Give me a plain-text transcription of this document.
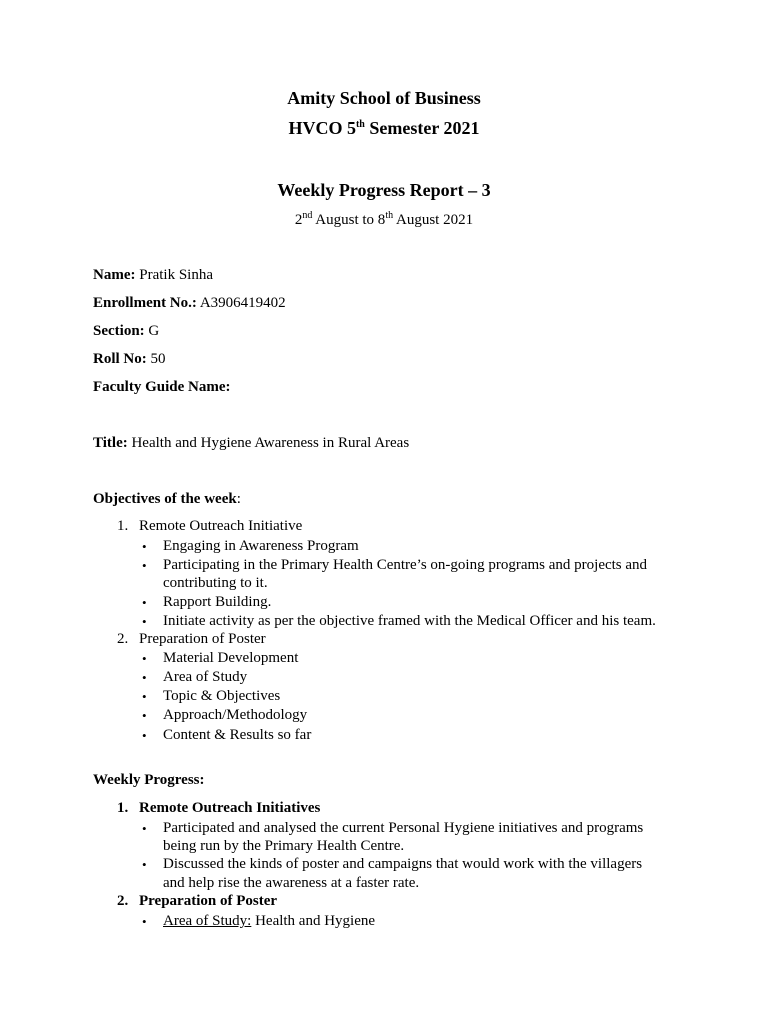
Amity School of Business
HVCO 5th Semester 2021
Weekly Progress Report – 3
2nd August to 8th August 2021
Name: Pratik Sinha
Enrollment No.: A3906419402
Section: G
Roll No: 50
Faculty Guide Name:
Title: Health and Hygiene Awareness in Rural Areas
Objectives of the week:
1. Remote Outreach Initiative
• Engaging in Awareness Program
• Participating in the Primary Health Centre’s on-going programs and projects and
contributing to it.
• Rapport Building.
• Initiate activity as per the objective framed with the Medical Officer and his team.
2. Preparation of Poster
• Material Development
• Area of Study
• Topic & Objectives
• Approach/Methodology
• Content & Results so far
Weekly Progress:
1. Remote Outreach Initiatives
• Participated and analysed the current Personal Hygiene initiatives and programs
being run by the Primary Health Centre.
• Discussed the kinds of poster and campaigns that would work with the villagers
and help rise the awareness at a faster rate.
2. Preparation of Poster
• Area of Study: Health and Hygiene
